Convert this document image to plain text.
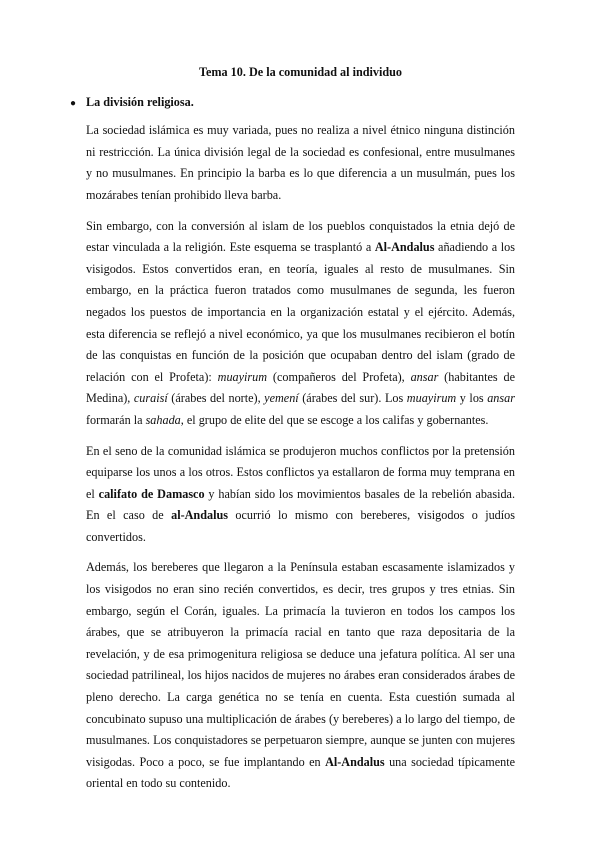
Tema 10. De la comunidad al individuo
● La división religiosa.

La sociedad islámica es muy variada, pues no realiza a nivel étnico ninguna distinción ni restricción. La única división legal de la sociedad es confesional, entre musulmanes y no musulmanes. En principio la barba es lo que diferencia a un musulmán, pues los mozárabes tenían prohibido lleva barba.

Sin embargo, con la conversión al islam de los pueblos conquistados la etnia dejó de estar vinculada a la religión. Este esquema se trasplantó a Al-Andalus añadiendo a los visigodos. Estos convertidos eran, en teoría, iguales al resto de musulmanes. Sin embargo, en la práctica fueron tratados como musulmanes de segunda, les fueron negados los puestos de importancia en la organización estatal y el ejército. Además, esta diferencia se reflejó a nivel económico, ya que los musulmanes recibieron el botín de las conquistas en función de la posición que ocupaban dentro del islam (grado de relación con el Profeta): muayirum (compañeros del Profeta), ansar (habitantes de Medina), curaisí (árabes del norte), yemení (árabes del sur). Los muayirum y los ansar formarán la sahada, el grupo de elite del que se escoge a los califas y gobernantes.

En el seno de la comunidad islámica se produjeron muchos conflictos por la pretensión equiparse los unos a los otros. Estos conflictos ya estallaron de forma muy temprana en el califato de Damasco y habían sido los movimientos basales de la rebelión abasida. En el caso de al-Andalus ocurrió lo mismo con bereberes, visigodos o judíos convertidos.

Además, los bereberes que llegaron a la Península estaban escasamente islamizados y los visigodos no eran sino recién convertidos, es decir, tres grupos y tres etnias. Sin embargo, según el Corán, iguales. La primacía la tuvieron en todos los campos los árabes, que se atribuyeron la primacía racial en tanto que raza depositaria de la revelación, y de esa primogenitura religiosa se deduce una jefatura política. Al ser una sociedad patrilineal, los hijos nacidos de mujeres no árabes eran considerados árabes de pleno derecho. La carga genética no se tenía en cuenta. Esta cuestión sumada al concubinato supuso una multiplicación de árabes (y bereberes) a lo largo del tiempo, de musulmanes. Los conquistadores se perpetuaron siempre, aunque se junten con mujeres visigodas. Poco a poco, se fue implantando en Al-Andalus una sociedad típicamente oriental en todo su contenido.
